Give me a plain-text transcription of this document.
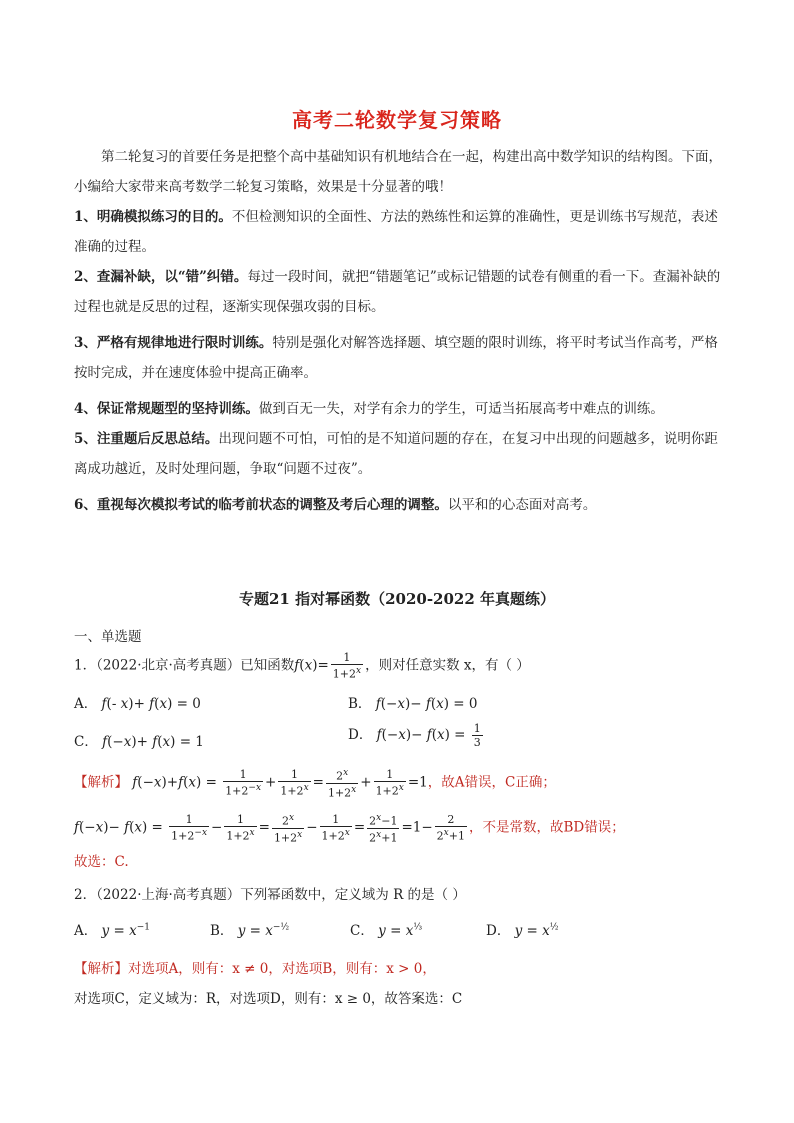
高考二轮数学复习策略
第二轮复习的首要任务是把整个高中基础知识有机地结合在一起，构建出高中数学知识的结构图。下面，小编给大家带来高考数学二轮复习策略，效果是十分显著的哦！
1、明确模拟练习的目的。不但检测知识的全面性、方法的熟练性和运算的准确性，更是训练书写规范，表述准确的过程。
2、查漏补缺，以“错”纠错。每过一段时间，就把“错题笔记”或标记错题的试卷有侧重的看一下。查漏补缺的过程也就是反思的过程，逐渐实现保强攻弱的目标。
3、严格有规律地进行限时训练。特别是强化对解答选择题、填空题的限时训练，将平时考试当作高考，严格按时完成，并在速度体验中提高正确率。
4、保证常规题型的坚持训练。做到百无一失，对学有余力的学生，可适当拓展高考中难点的训练。
5、注重题后反思总结。出现问题不可怕，可怕的是不知道问题的存在，在复习中出现的问题越多，说明你距离成功越近，及时处理问题，争取“问题不过夜”。
6、重视每次模拟考试的临考前状态的调整及考后心理的调整。以平和的心态面对高考。
专题21 指对幂函数（2020-2022 年真题练）
一、单选题
1．（2022·北京·高考真题）已知函数$f(x)= \frac{1}{1+2^x}$ ，则对任意实数 x，有（ ）
A． f(- x)+ f(x) = 0	B． f(−x)− f(x) = 0
C． f(−x)+ f(x) = 1	D． $f(-x)- f(x) = \frac{1}{3}$
【解析】 $f(-x)+f(x) = \frac{1}{1+2^{-x}} + \frac{1}{1+2^x} = \frac{2^x}{1+2^x} + \frac{1}{1+2^x} =1$，故A错误，C正确；
$f(-x)- f(x) = \frac{1}{1+2^{-x}} - \frac{1}{1+2^x} = \frac{2^x}{1+2^x} - \frac{1}{1+2^x} = \frac{2^x-1}{2^x+1} =1- \frac{2}{2^x+1}$ ，不是常数，故BD错误；
故选：C.
2．（2022·上海·高考真题）下列幂函数中，定义域为 R 的是（ ）
A． $y = x^{-1}$	B． $y = x^{-\frac{1}{2}}$	C． $y = x^{\frac{1}{3}}$	D． $y = x^{\frac{1}{2}}$
【解析】对选项A，则有：x ≠ 0，对选项B，则有：x > 0，
对选项C，定义域为：R，对选项D，则有：x ≥ 0，故答案选：C
